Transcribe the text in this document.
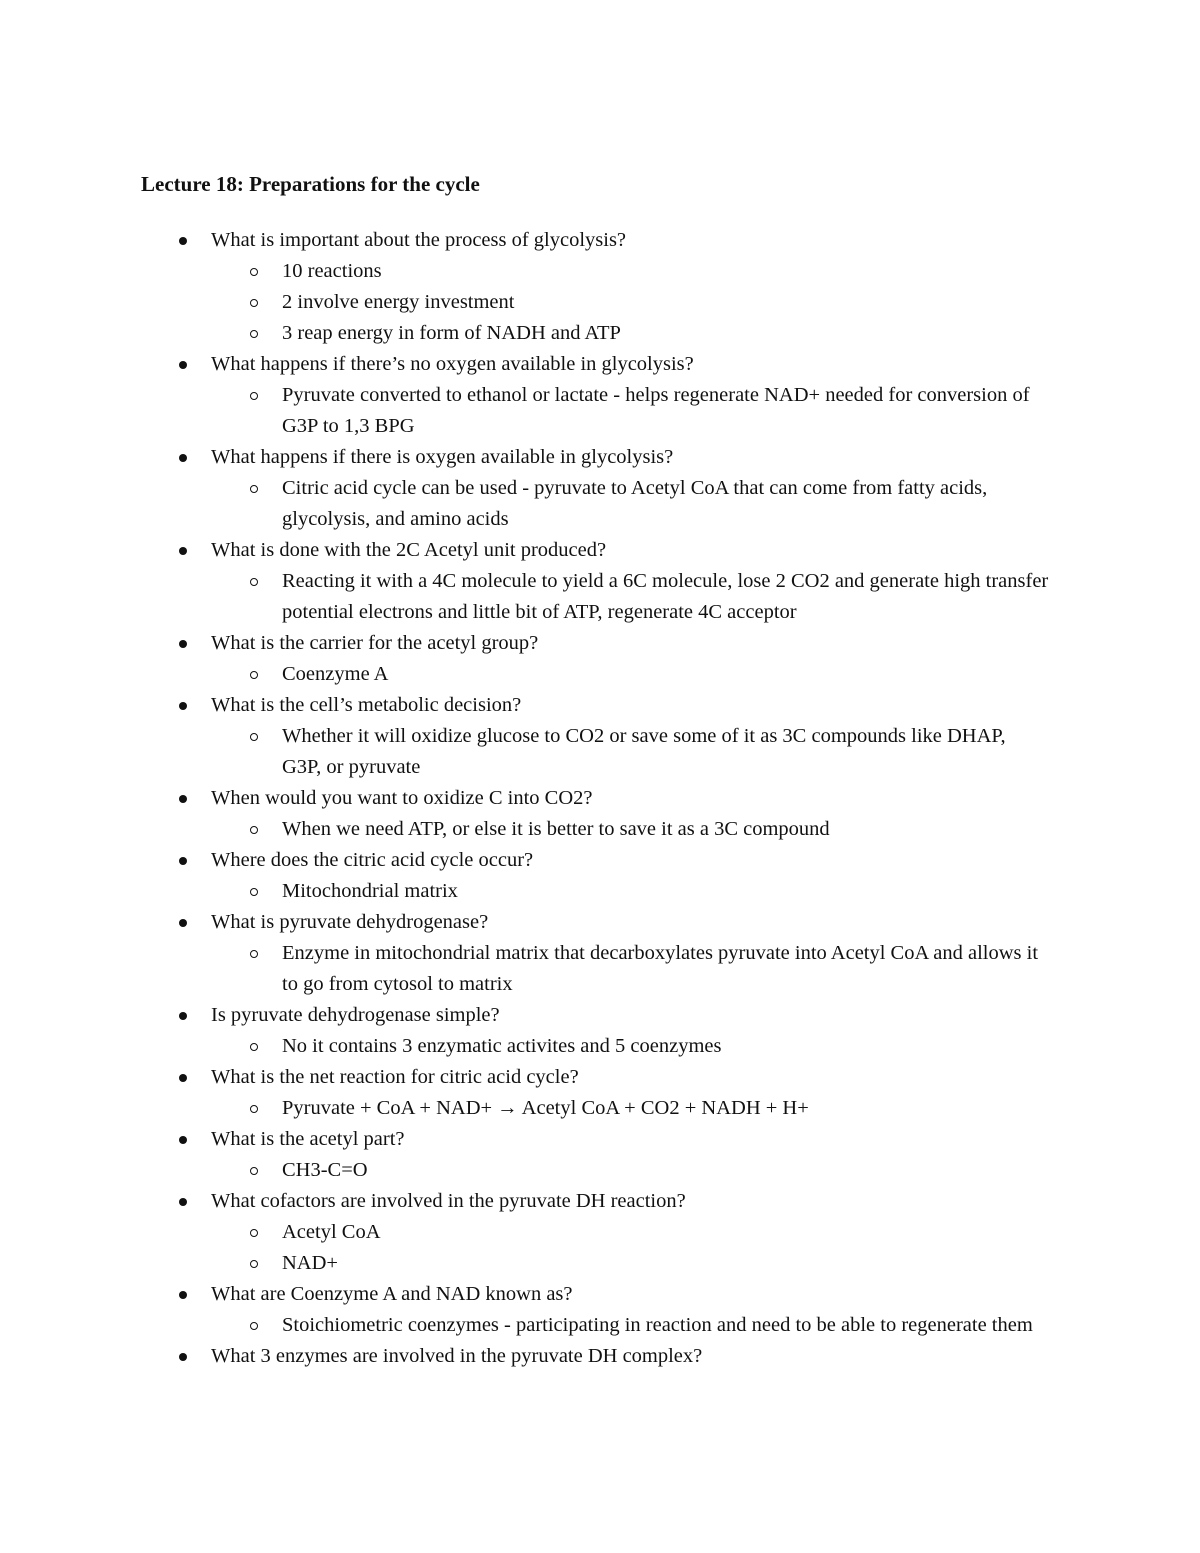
Lecture 18: Preparations for the cycle
What is important about the process of glycolysis?
10 reactions
2 involve energy investment
3 reap energy in form of NADH and ATP
What happens if there’s no oxygen available in glycolysis?
Pyruvate converted to ethanol or lactate - helps regenerate NAD+ needed for conversion of G3P to 1,3 BPG
What happens if there is oxygen available in glycolysis?
Citric acid cycle can be used - pyruvate to Acetyl CoA that can come from fatty acids, glycolysis, and amino acids
What is done with the 2C Acetyl unit produced?
Reacting it with a 4C molecule to yield a 6C molecule, lose 2 CO2 and generate high transfer potential electrons and little bit of ATP, regenerate 4C acceptor
What is the carrier for the acetyl group?
Coenzyme A
What is the cell’s metabolic decision?
Whether it will oxidize glucose to CO2 or save some of it as 3C compounds like DHAP, G3P, or pyruvate
When would you want to oxidize C into CO2?
When we need ATP, or else it is better to save it as a 3C compound
Where does the citric acid cycle occur?
Mitochondrial matrix
What is pyruvate dehydrogenase?
Enzyme in mitochondrial matrix that decarboxylates pyruvate into Acetyl CoA and allows it to go from cytosol to matrix
Is pyruvate dehydrogenase simple?
No it contains 3 enzymatic activites and 5 coenzymes
What is the net reaction for citric acid cycle?
Pyruvate + CoA + NAD+ → Acetyl CoA + CO2 + NADH + H+
What is the acetyl part?
CH3-C=O
What cofactors are involved in the pyruvate DH reaction?
Acetyl CoA
NAD+
What are Coenzyme A and NAD known as?
Stoichiometric coenzymes - participating in reaction and need to be able to regenerate them
What 3 enzymes are involved in the pyruvate DH complex?
